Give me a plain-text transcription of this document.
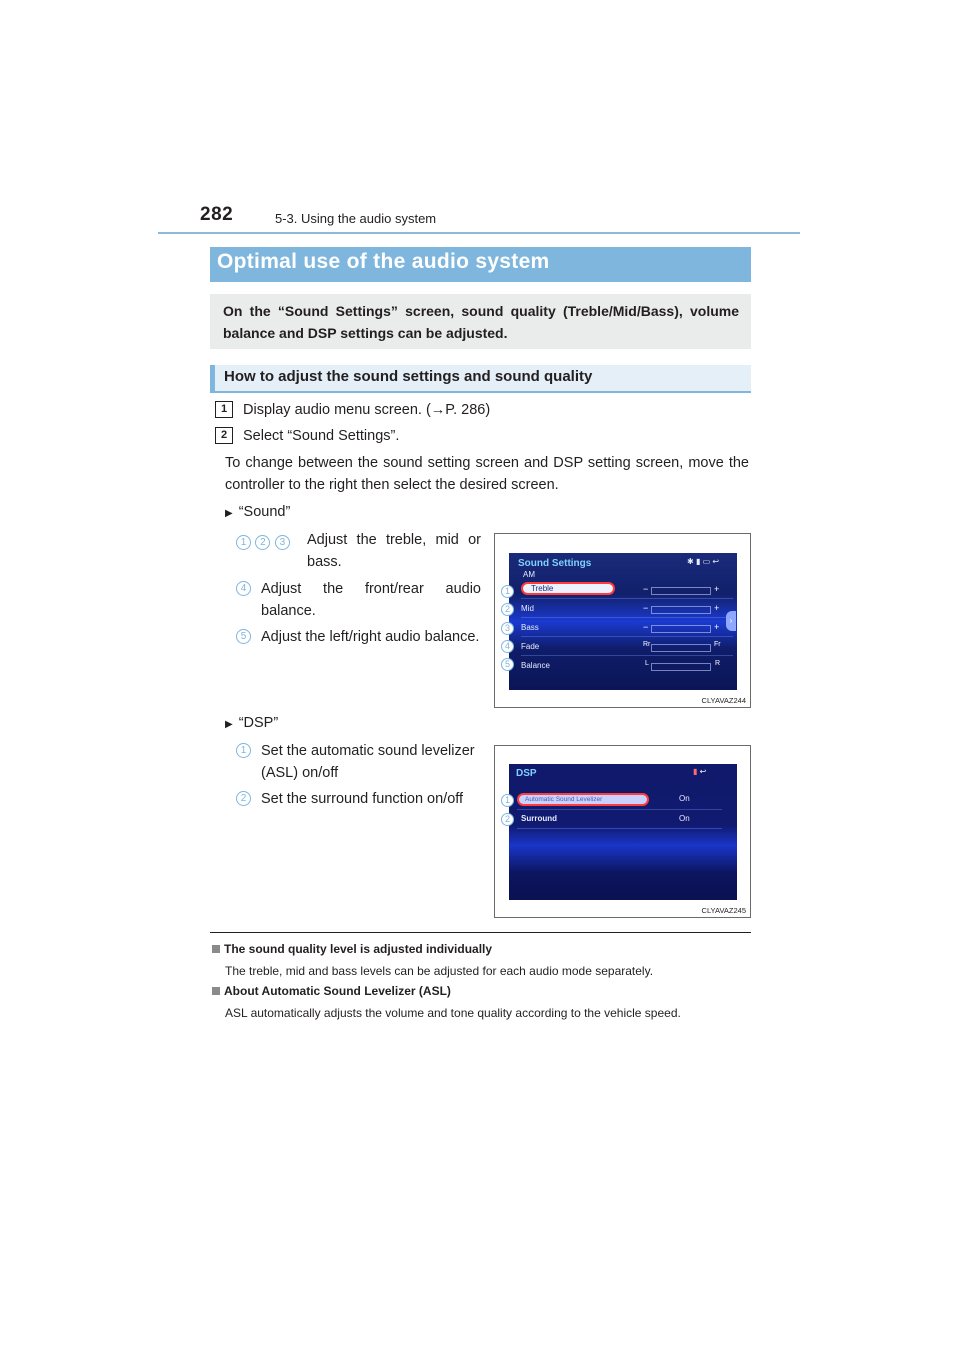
282	5-3. Using the audio system
Optimal use of the audio system
On the “Sound Settings” screen, sound quality (Treble/Mid/Bass), volume balance and DSP settings can be adjusted.
How to adjust the sound settings and sound quality
1	Display audio menu screen. (→P. 286)
2	Select “Sound Settings”.
To change between the sound setting screen and DSP setting screen, move the controller to the right then select the desired screen.
▶ “Sound”
1 2 3	Adjust the treble, mid or bass.
4	Adjust the front/rear audio balance.
5	Adjust the left/right audio balance.
Sound Settings
AM
✱ ▮ ▭ ↩
Treble	−	+
Mid	−	+
Bass	−	+
Fade	Rr	Fr
Balance	L	R
›
1
2
3
4
5
CLYAVAZ244
▶ “DSP”
1	Set the automatic sound levelizer (ASL) on/off
2	Set the surround function on/off
DSP	▮ ↩
Automatic Sound Levelizer	On
Surround	On
1
2
CLYAVAZ245
The sound quality level is adjusted individually
The treble, mid and bass levels can be adjusted for each audio mode separately.
About Automatic Sound Levelizer (ASL)
ASL automatically adjusts the volume and tone quality according to the vehicle speed.
